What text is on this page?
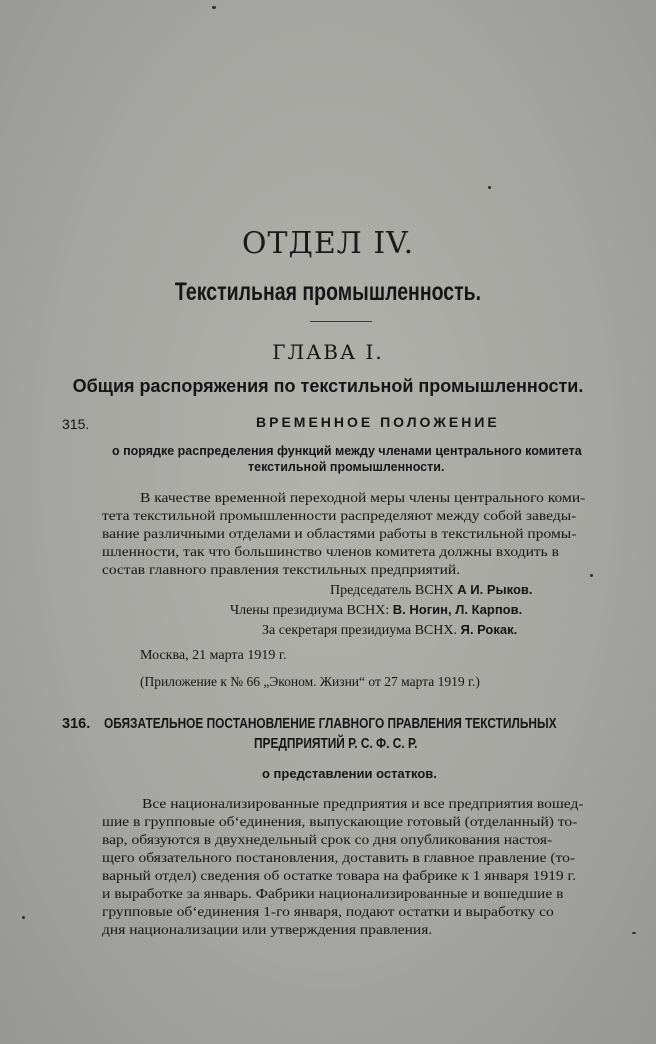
ОТДЕЛ IV.
Текстильная промышленность.
ГЛАВА I.
Общия распоряжения по текстильной промышленности.
315.	ВРЕМЕННОЕ ПОЛОЖЕНИЕ
о порядке распределения функций между членами центрального комитета
текстильной промышленности.
В качестве временной переходной меры члены центрального коми-
тета текстильной промышленности распределяют между собой заведы-
вание различными отделами и областями работы в текстильной промы-
шленности, так что большинство членов комитета должны входить в
состав главного правления текстильных предприятий.
Председатель ВСНХ А И. Рыков.
Члены президиума ВСНХ: В. Ногин, Л. Карпов.
За секретаря президиума ВСНХ. Я. Рокак.
Москва, 21 марта 1919 г.
(Приложение к № 66 „Эконом. Жизни“ от 27 марта 1919 г.)
316. ОБЯЗАТЕЛЬНОЕ ПОСТАНОВЛЕНИЕ ГЛАВНОГО ПРАВЛЕНИЯ ТЕКСТИЛЬНЫХ
ПРЕДПРИЯТИЙ Р. С. Ф. С. Р.
о представлении остатков.
Все национализированные предприятия и все предприятия вошед-
шие в групповые об‘единения, выпускающие готовый (отделанный) то-
вар, обязуются в двухнедельный срок со дня опубликования настоя-
щего обязательного постановления, доставить в главное правление (то-
варный отдел) сведения об остатке товара на фабрике к 1 января 1919 г.
и выработке за январь. Фабрики национализированные и вошедшие в
групповые об‘единения 1-го января, подают остатки и выработку со
дня национализации или утверждения правления.
